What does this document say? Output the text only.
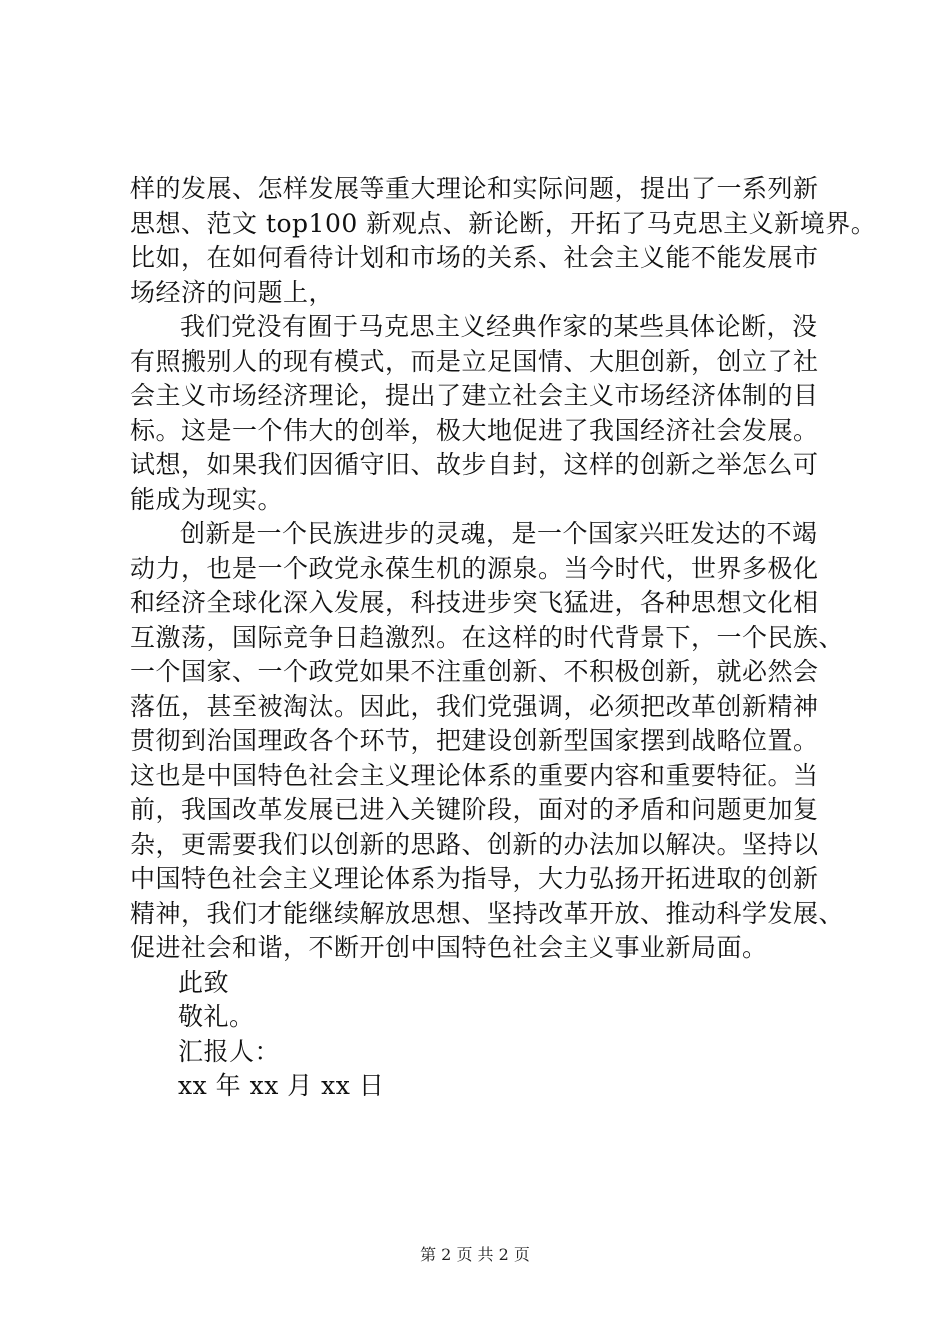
样的发展、怎样发展等重大理论和实际问题，提出了一系列新
思想、范文 top100 新观点、新论断，开拓了马克思主义新境界。
比如，在如何看待计划和市场的关系、社会主义能不能发展市
场经济的问题上，
我们党没有囿于马克思主义经典作家的某些具体论断，没
有照搬别人的现有模式，而是立足国情、大胆创新，创立了社
会主义市场经济理论，提出了建立社会主义市场经济体制的目
标。这是一个伟大的创举，极大地促进了我国经济社会发展。
试想，如果我们因循守旧、故步自封，这样的创新之举怎么可
能成为现实。
创新是一个民族进步的灵魂，是一个国家兴旺发达的不竭
动力，也是一个政党永葆生机的源泉。当今时代，世界多极化
和经济全球化深入发展，科技进步突飞猛进，各种思想文化相
互激荡，国际竞争日趋激烈。在这样的时代背景下，一个民族、
一个国家、一个政党如果不注重创新、不积极创新，就必然会
落伍，甚至被淘汰。因此，我们党强调，必须把改革创新精神
贯彻到治国理政各个环节，把建设创新型国家摆到战略位置。
这也是中国特色社会主义理论体系的重要内容和重要特征。当
前，我国改革发展已进入关键阶段，面对的矛盾和问题更加复
杂，更需要我们以创新的思路、创新的办法加以解决。坚持以
中国特色社会主义理论体系为指导，大力弘扬开拓进取的创新
精神，我们才能继续解放思想、坚持改革开放、推动科学发展、
促进社会和谐，不断开创中国特色社会主义事业新局面。
此致
敬礼。
汇报人：
xx 年 xx 月 xx 日
第 2 页 共 2 页
